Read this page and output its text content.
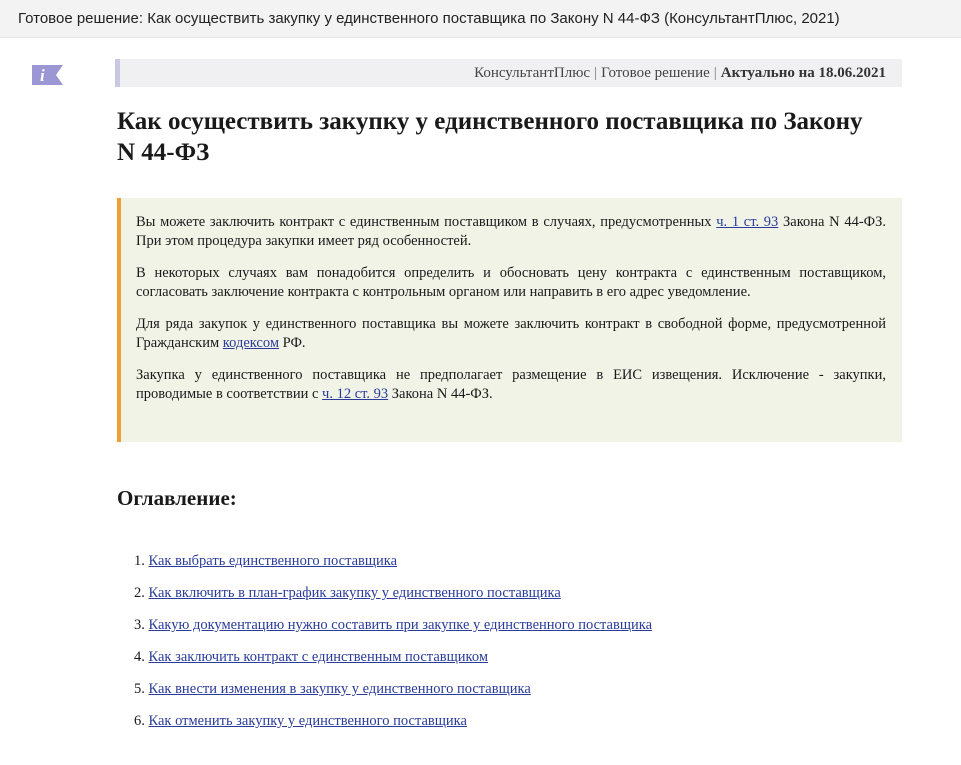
Готовое решение: Как осуществить закупку у единственного поставщика по Закону N 44-ФЗ (КонсультантПлюс, 2021)
i	КонсультантПлюс | Готовое решение | Актуально на 18.06.2021
Как осуществить закупку у единственного поставщика по Закону N 44-ФЗ

Вы можете заключить контракт с единственным поставщиком в случаях, предусмотренных ч. 1 ст. 93 Закона N 44-ФЗ. При этом процедура закупки имеет ряд особенностей.

В некоторых случаях вам понадобится определить и обосновать цену контракта с единственным поставщиком, согласовать заключение контракта с контрольным органом или направить в его адрес уведомление.

Для ряда закупок у единственного поставщика вы можете заключить контракт в свободной форме, предусмотренной Гражданским кодексом РФ.

Закупка у единственного поставщика не предполагает размещение в ЕИС извещения. Исключение - закупки, проводимые в соответствии с ч. 12 ст. 93 Закона N 44-ФЗ.

Оглавление:
1. Как выбрать единственного поставщика
2. Как включить в план-график закупку у единственного поставщика
3. Какую документацию нужно составить при закупке у единственного поставщика
4. Как заключить контракт с единственным поставщиком
5. Как внести изменения в закупку у единственного поставщика
6. Как отменить закупку у единственного поставщика
